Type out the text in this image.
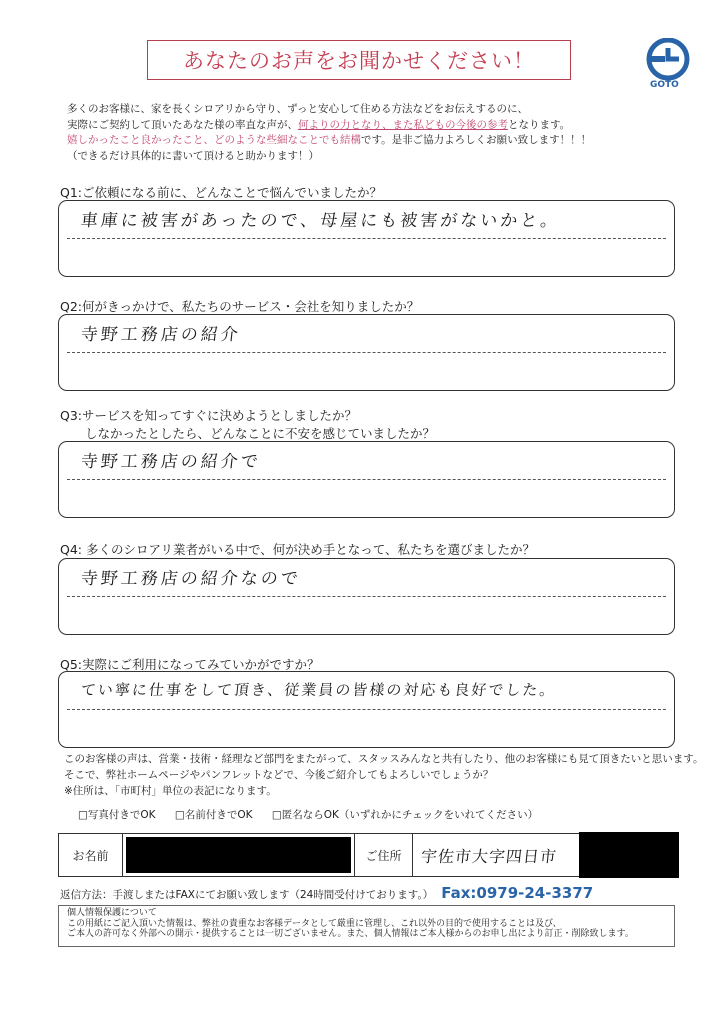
あなたのお声をお聞かせください！
GOTO
多くのお客様に、家を長くシロアリから守り、ずっと安心して住める方法などをお伝えするのに、
実際にご契約して頂いたあなた様の率直な声が、何よりの力となり、また私どもの今後の参考となります。
嬉しかったこと良かったこと、どのような些細なことでも結構です。是非ご協力よろしくお願い致します！！！
（できるだけ具体的に書いて頂けると助かります！）
Q1:ご依頼になる前に、どんなことで悩んでいましたか？
車庫に被害があったので、母屋にも被害がないかと。
Q2:何がきっかけで、私たちのサービス・会社を知りましたか？
寺野工務店の紹介
Q3:サービスを知ってすぐに決めようとしましたか？
しなかったとしたら、どんなことに不安を感じていましたか？
寺野工務店の紹介で
Q4: 多くのシロアリ業者がいる中で、何が決め手となって、私たちを選びましたか？
寺野工務店の紹介なので
Q5:実際にご利用になってみていかがですか？
てい寧に仕事をして頂き、従業員の皆様の対応も良好でした。
このお客様の声は、営業・技術・経理など部門をまたがって、スタッスみんなと共有したり、他のお客様にも見て頂きたいと思います。
そこで、弊社ホームページやパンフレットなどで、今後ご紹介してもよろしいでしょうか？
※住所は、「市町村」単位の表記になります。
□写真付きでOK □名前付きでOK □匿名ならOK（いずれかにチェックをいれてください）
お名前	ご住所	宇佐市大字四日市
返信方法：手渡しまたはFAXにてお願い致します（24時間受付けております。） Fax:0979-24-3377
個人情報保護について
この用紙にご記入頂いた情報は、弊社の貴重なお客様データとして厳重に管理し、これ以外の目的で使用することは及び、
ご本人の許可なく外部への開示・提供することは一切ございません。また、個人情報はご本人様からのお申し出により訂正・削除致します。
